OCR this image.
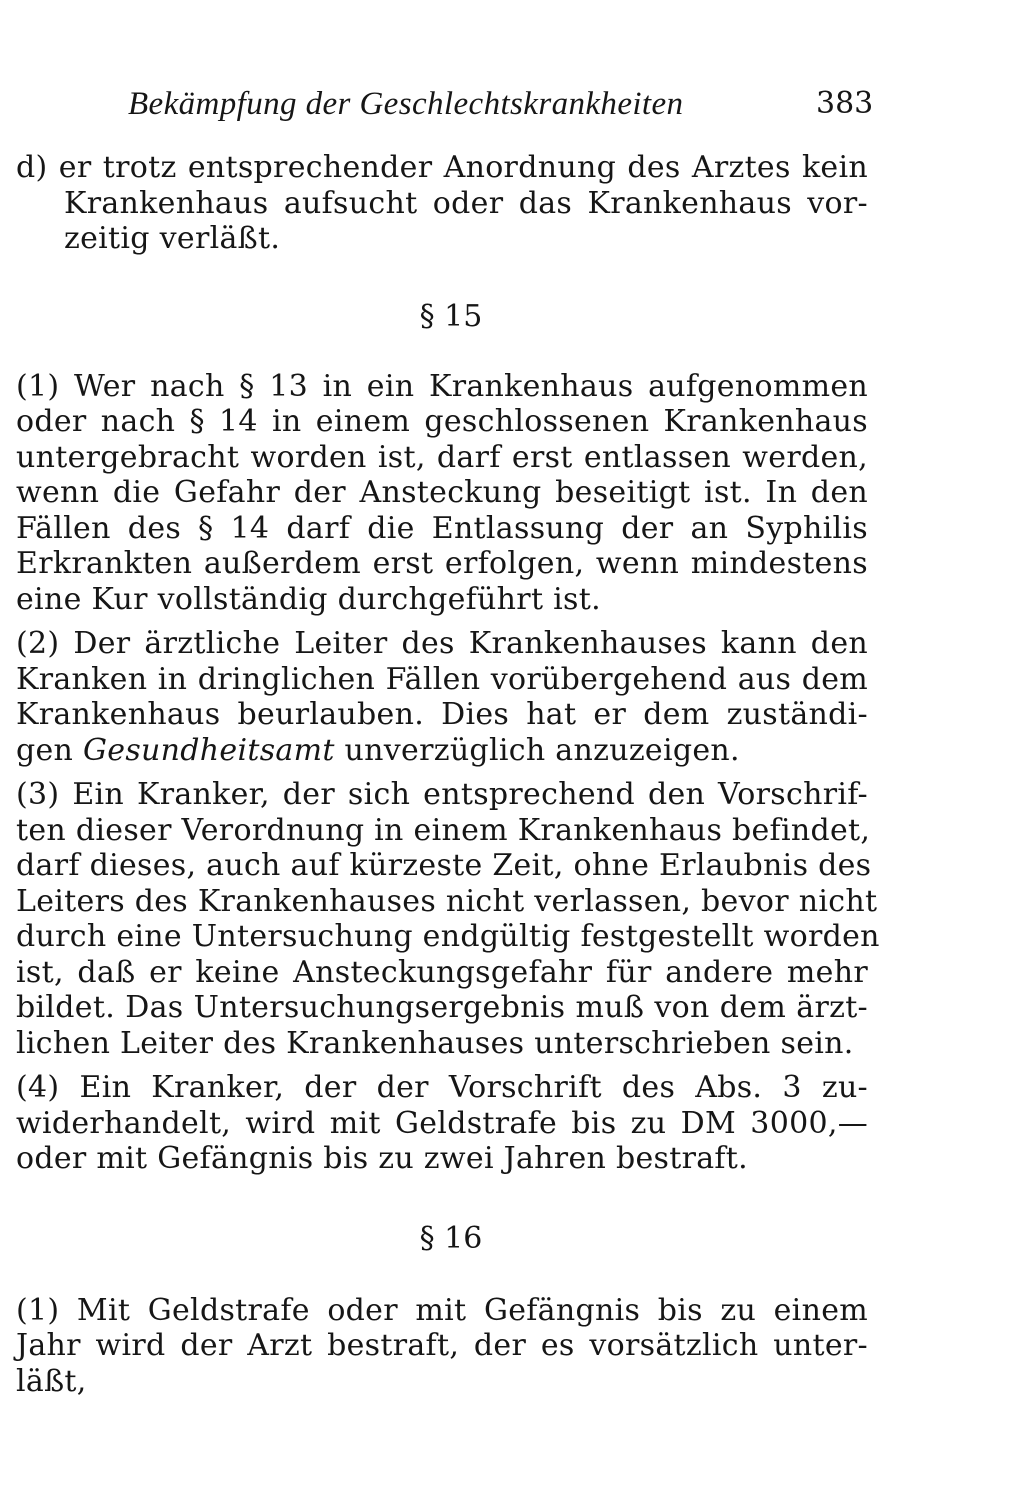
Bekämpfung der Geschlechtskrankheiten	383
d) er trotz entsprechender Anordnung des Arztes kein
Krankenhaus aufsucht oder das Krankenhaus vor-
zeitig verläßt.
§ 15
(1) Wer nach § 13 in ein Krankenhaus aufgenommen
oder nach § 14 in einem geschlossenen Krankenhaus
untergebracht worden ist, darf erst entlassen werden,
wenn die Gefahr der Ansteckung beseitigt ist. In den
Fällen des § 14 darf die Entlassung der an Syphilis
Erkrankten außerdem erst erfolgen, wenn mindestens
eine Kur vollständig durchgeführt ist.
(2) Der ärztliche Leiter des Krankenhauses kann den
Kranken in dringlichen Fällen vorübergehend aus dem
Krankenhaus beurlauben. Dies hat er dem zuständi-
gen Gesundheitsamt unverzüglich anzuzeigen.
(3) Ein Kranker, der sich entsprechend den Vorschrif-
ten dieser Verordnung in einem Krankenhaus befindet,
darf dieses, auch auf kürzeste Zeit, ohne Erlaubnis des
Leiters des Krankenhauses nicht verlassen, bevor nicht
durch eine Untersuchung endgültig festgestellt worden
ist, daß er keine Ansteckungsgefahr für andere mehr
bildet. Das Untersuchungsergebnis muß von dem ärzt-
lichen Leiter des Krankenhauses unterschrieben sein.
(4) Ein Kranker, der der Vorschrift des Abs. 3 zu-
widerhandelt, wird mit Geldstrafe bis zu DM 3000,—
oder mit Gefängnis bis zu zwei Jahren bestraft.
§ 16
(1) Mit Geldstrafe oder mit Gefängnis bis zu einem
Jahr wird der Arzt bestraft, der es vorsätzlich unter-
läßt,
